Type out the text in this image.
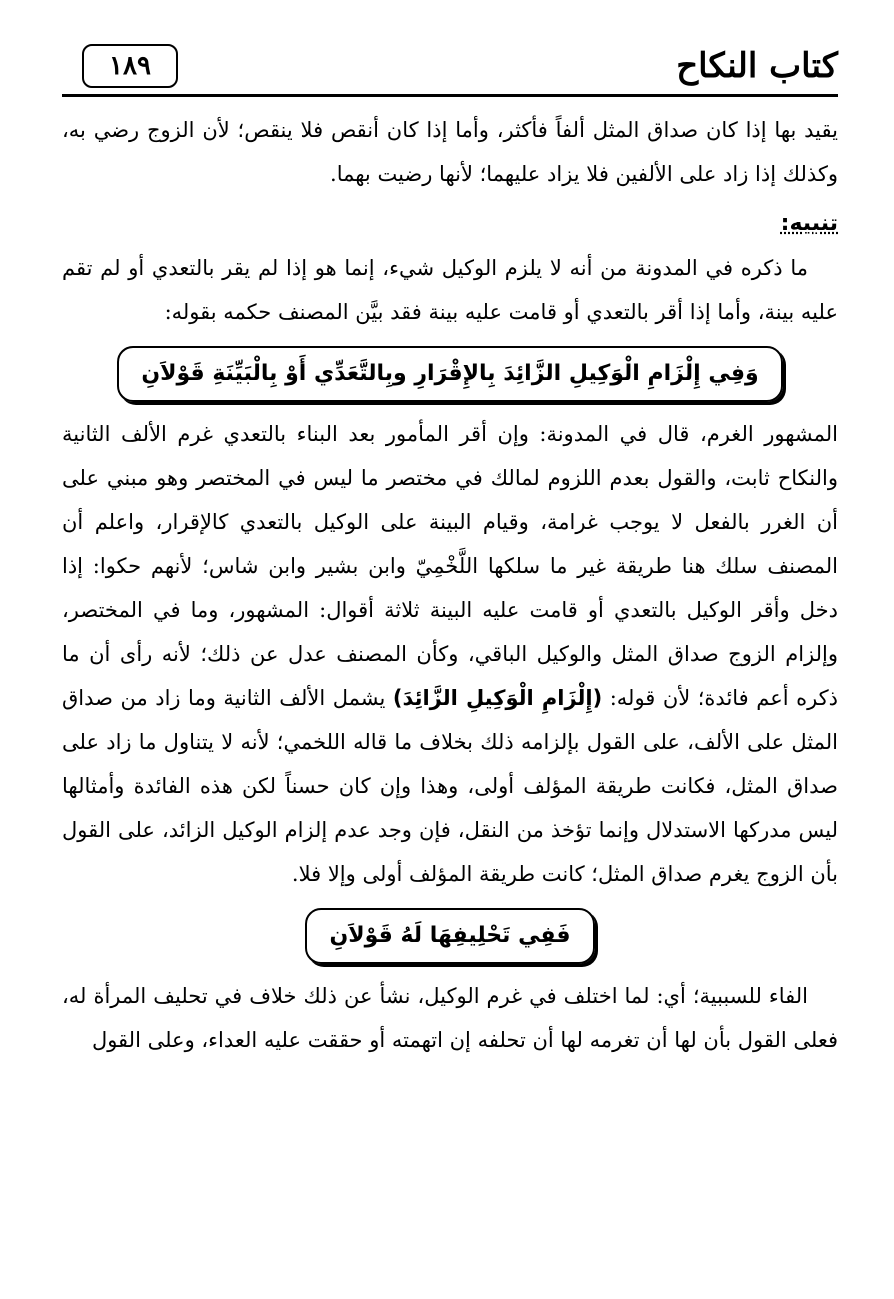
كتاب النكاح
١٨٩

يقيد بها إذا كان صداق المثل ألفاً فأكثر، وأما إذا كان أنقص فلا ينقص؛ لأن الزوج رضي به، وكذلك إذا زاد على الألفين فلا يزاد عليهما؛ لأنها رضيت بهما.

تنبيه:

ما ذكره في المدونة من أنه لا يلزم الوكيل شيء، إنما هو إذا لم يقر بالتعدي أو لم تقم عليه بينة، وأما إذا أقر بالتعدي أو قامت عليه بينة فقد بيَّن المصنف حكمه بقوله:

وَفِي إِلْزَامِ الْوَكِيلِ الزَّائِدَ بِالإِقْرَارِ وبِالتَّعَدِّي أَوْ بِالْبَيِّنَةِ قَوْلاَنِ

المشهور الغرم، قال في المدونة: وإن أقر المأمور بعد البناء بالتعدي غرم الألف الثانية والنكاح ثابت، والقول بعدم اللزوم لمالك في مختصر ما ليس في المختصر وهو مبني على أن الغرر بالفعل لا يوجب غرامة، وقيام البينة على الوكيل بالتعدي كالإقرار، واعلم أن المصنف سلك هنا طريقة غير ما سلكها اللَّخْمِيّ وابن بشير وابن شاس؛ لأنهم حكوا: إذا دخل وأقر الوكيل بالتعدي أو قامت عليه البينة ثلاثة أقوال: المشهور، وما في المختصر، وإلزام الزوج صداق المثل والوكيل الباقي، وكأن المصنف عدل عن ذلك؛ لأنه رأى أن ما ذكره أعم فائدة؛ لأن قوله: (إِلْزَامِ الْوَكِيلِ الزَّائِدَ) يشمل الألف الثانية وما زاد من صداق المثل على الألف، على القول بإلزامه ذلك بخلاف ما قاله اللخمي؛ لأنه لا يتناول ما زاد على صداق المثل، فكانت طريقة المؤلف أولى، وهذا وإن كان حسناً لكن هذه الفائدة وأمثالها ليس مدركها الاستدلال وإنما تؤخذ من النقل، فإن وجد عدم إلزام الوكيل الزائد، على القول بأن الزوج يغرم صداق المثل؛ كانت طريقة المؤلف أولى وإلا فلا.

فَفِي تَحْلِيفِهَا لَهُ قَوْلاَنِ

الفاء للسببية؛ أي: لما اختلف في غرم الوكيل، نشأ عن ذلك خلاف في تحليف المرأة له، فعلى القول بأن لها أن تغرمه لها أن تحلفه إن اتهمته أو حققت عليه العداء، وعلى القول
